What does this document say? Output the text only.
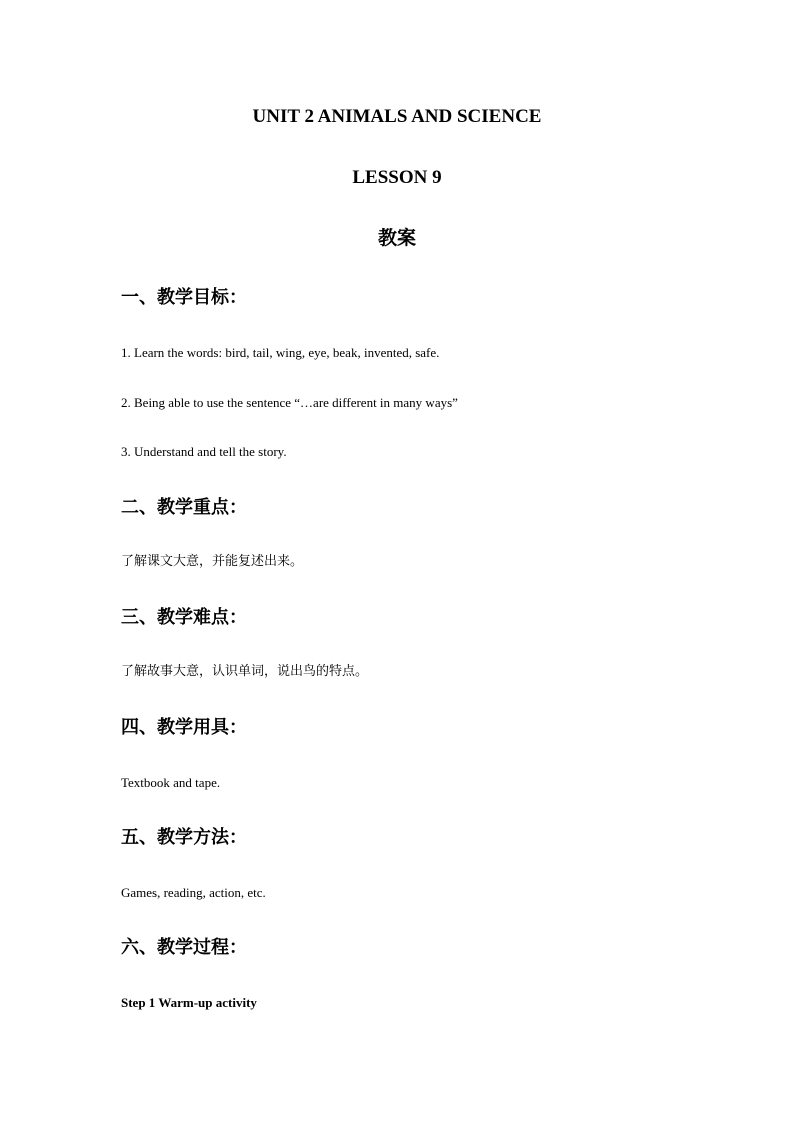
UNIT 2 ANIMALS AND SCIENCE
LESSON 9
教案
一、教学目标：
1. Learn the words: bird, tail, wing, eye, beak, invented, safe.
2. Being able to use the sentence “…are different in many ways”
3. Understand and tell the story.
二、教学重点：
了解课文大意，并能复述出来。
三、教学难点：
了解故事大意，认识单词，说出鸟的特点。
四、教学用具：
Textbook and tape.
五、教学方法：
Games, reading, action, etc.
六、教学过程：
Step 1 Warm-up activity
